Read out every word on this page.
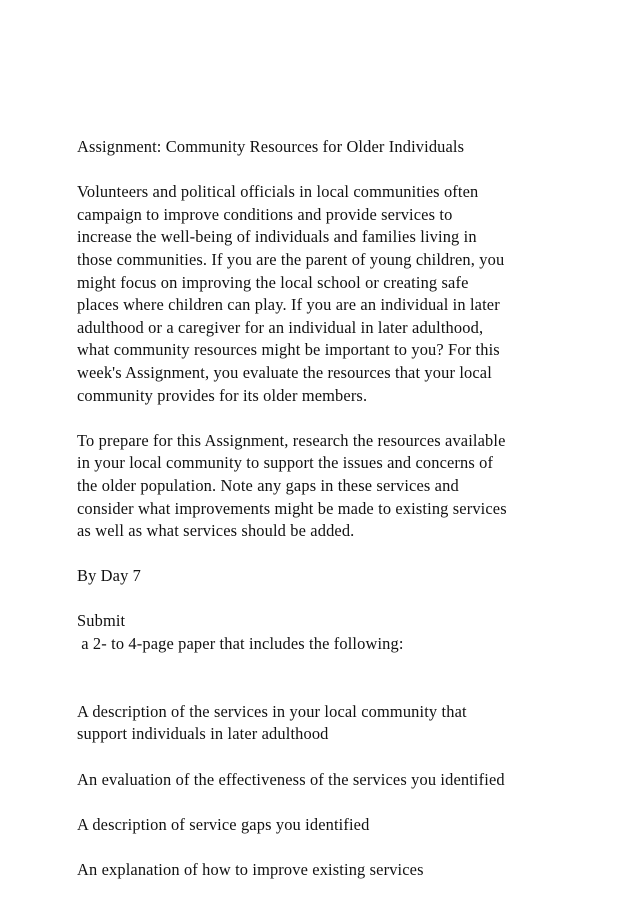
Assignment: Community Resources for Older Individuals

Volunteers and political officials in local communities often
campaign to improve conditions and provide services to
increase the well-being of individuals and families living in
those communities. If you are the parent of young children, you
might focus on improving the local school or creating safe
places where children can play. If you are an individual in later
adulthood or a caregiver for an individual in later adulthood,
what community resources might be important to you? For this
week's Assignment, you evaluate the resources that your local
community provides for its older members.

To prepare for this Assignment, research the resources available
in your local community to support the issues and concerns of
the older population. Note any gaps in these services and
consider what improvements might be made to existing services
as well as what services should be added.

By Day 7

Submit

a 2- to 4-page paper that includes the following:

A description of the services in your local community that
support individuals in later adulthood

An evaluation of the effectiveness of the services you identified

A description of service gaps you identified

An explanation of how to improve existing services
